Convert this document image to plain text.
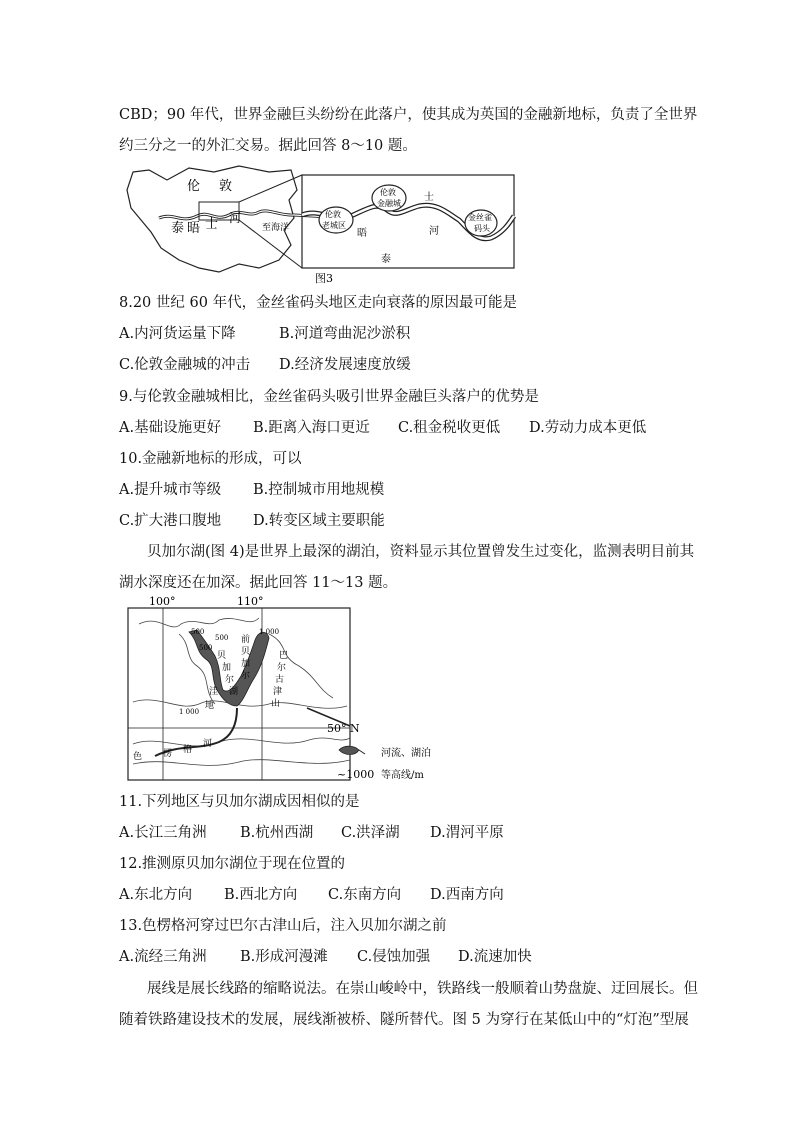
CBD；90 年代，世界金融巨头纷纷在此落户，使其成为英国的金融新地标，负责了全世界
约三分之一的外汇交易。据此回答 8～10 题。
伦 敦
泰 晤 士 河
至海洋
伦敦
老城区
伦敦
金融城
金丝雀
码头
士
晤	河
泰
图3
8.20 世纪 60 年代，金丝雀码头地区走向衰落的原因最可能是
A.内河货运量下降	B.河道弯曲泥沙淤积
C.伦敦金融城的冲击 D.经济发展速度放缓
9.与伦敦金融城相比，金丝雀码头吸引世界金融巨头落户的优势是
A.基础设施更好 B.距离入海口更近 C.租金税收更低 D.劳动力成本更低
10.金融新地标的形成，可以
A.提升城市等级 B.控制城市用地规模
C.扩大港口腹地 D.转变区域主要职能
贝加尔湖(图 4)是世界上最深的湖泊，资料显示其位置曾发生过变化，监测表明目前其
湖水深度还在加深。据此回答 11～13 题。
100°	110°
50° N
500
500
500
1 000
1 000
贝
加
尔
湖
前
贝
加
尔
巴
尔
古
津
山
洼
地
色 楞 格
河
河流、湖泊
~1000 等高线/m
11.下列地区与贝加尔湖成因相似的是
A.长江三角洲 B.杭州西湖 C.洪泽湖 D.渭河平原
12.推测原贝加尔湖位于现在位置的
A.东北方向 B.西北方向 C.东南方向 D.西南方向
13.色楞格河穿过巴尔古津山后，注入贝加尔湖之前
A.流经三角洲 B.形成河漫滩 C.侵蚀加强 D.流速加快
展线是展长线路的缩略说法。在崇山峻岭中，铁路线一般顺着山势盘旋、迂回展长。但
随着铁路建设技术的发展，展线渐被桥、隧所替代。图 5 为穿行在某低山中的“灯泡”型展
